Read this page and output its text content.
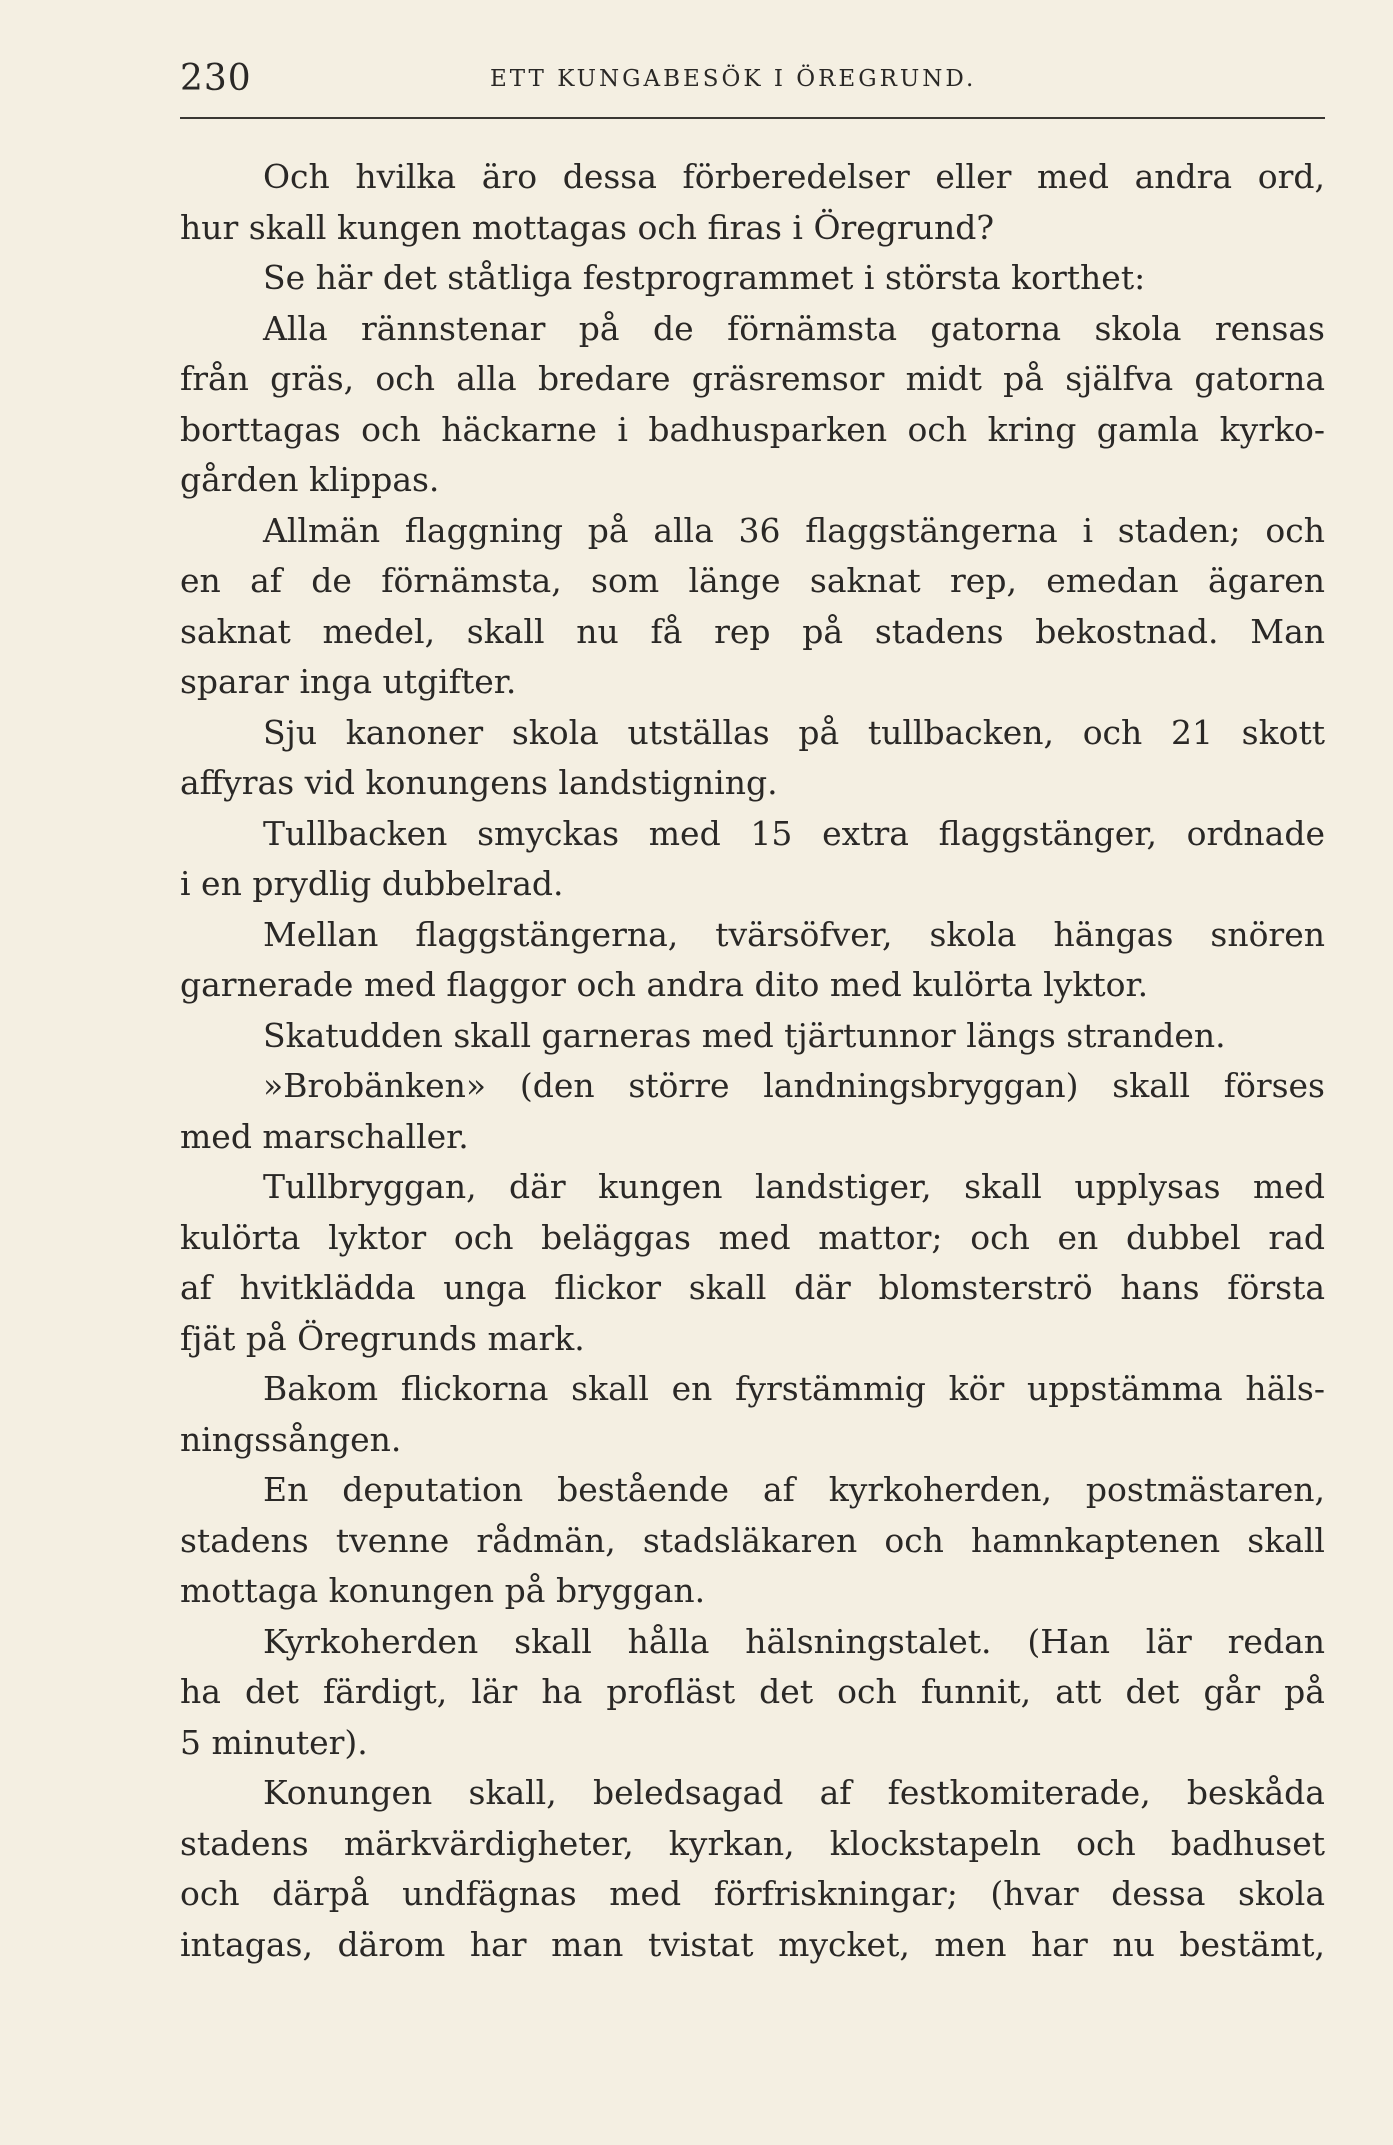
230	ETT KUNGABESÖK I ÖREGRUND.
Och hvilka äro dessa förberedelser eller med andra ord,
hur skall kungen mottagas och firas i Öregrund?
Se här det ståtliga festprogrammet i största korthet:
Alla rännstenar på de förnämsta gatorna skola rensas
från gräs, och alla bredare gräsremsor midt på själfva gatorna
borttagas och häckarne i badhusparken och kring gamla kyrko-
gården klippas.
Allmän flaggning på alla 36 flaggstängerna i staden; och
en af de förnämsta, som länge saknat rep, emedan ägaren
saknat medel, skall nu få rep på stadens bekostnad. Man
sparar inga utgifter.
Sju kanoner skola utställas på tullbacken, och 21 skott
affyras vid konungens landstigning.
Tullbacken smyckas med 15 extra flaggstänger, ordnade
i en prydlig dubbelrad.
Mellan flaggstängerna, tvärsöfver, skola hängas snören
garnerade med flaggor och andra dito med kulörta lyktor.
Skatudden skall garneras med tjärtunnor längs stranden.
»Brobänken» (den större landningsbryggan) skall förses
med marschaller.
Tullbryggan, där kungen landstiger, skall upplysas med
kulörta lyktor och beläggas med mattor; och en dubbel rad
af hvitklädda unga flickor skall där blomsterströ hans första
fjät på Öregrunds mark.
Bakom flickorna skall en fyrstämmig kör uppstämma häls-
ningssången.
En deputation bestående af kyrkoherden, postmästaren,
stadens tvenne rådmän, stadsläkaren och hamnkaptenen skall
mottaga konungen på bryggan.
Kyrkoherden skall hålla hälsningstalet. (Han lär redan
ha det färdigt, lär ha profläst det och funnit, att det går på
5 minuter).
Konungen skall, beledsagad af festkomiterade, beskåda
stadens märkvärdigheter, kyrkan, klockstapeln och badhuset
och därpå undfägnas med förfriskningar; (hvar dessa skola
intagas, därom har man tvistat mycket, men har nu bestämt,
